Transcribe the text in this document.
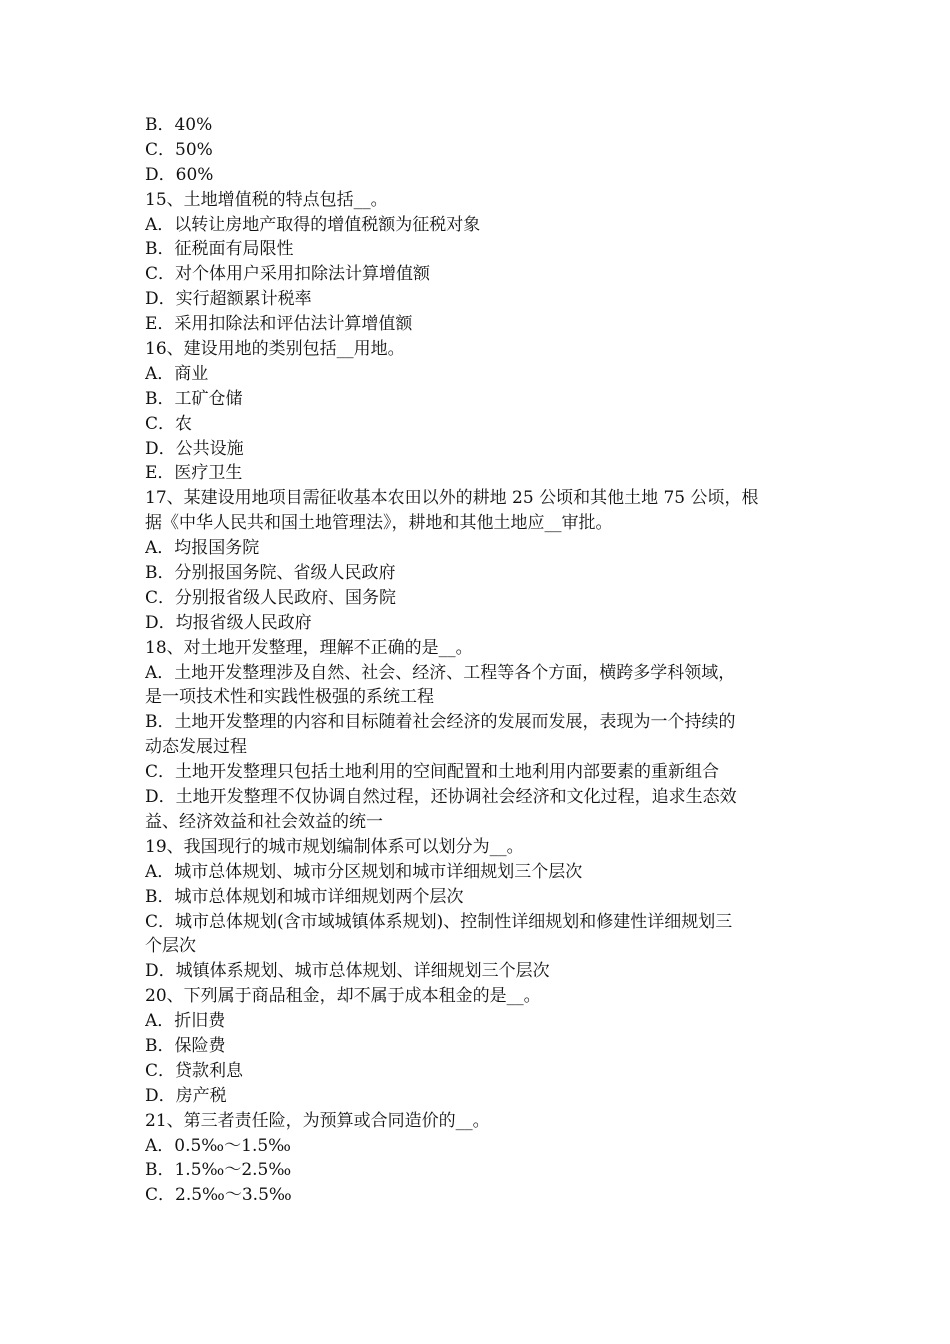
B．40%
C．50%
D．60%
15、土地增值税的特点包括__。
A．以转让房地产取得的增值税额为征税对象
B．征税面有局限性
C．对个体用户采用扣除法计算增值额
D．实行超额累计税率
E．采用扣除法和评估法计算增值额
16、建设用地的类别包括__用地。
A．商业
B．工矿仓储
C．农
D．公共设施
E．医疗卫生
17、某建设用地项目需征收基本农田以外的耕地 25 公顷和其他土地 75 公顷，根
据《中华人民共和国土地管理法》，耕地和其他土地应__审批。
A．均报国务院
B．分别报国务院、省级人民政府
C．分别报省级人民政府、国务院
D．均报省级人民政府
18、对土地开发整理，理解不正确的是__。
A．土地开发整理涉及自然、社会、经济、工程等各个方面，横跨多学科领域，
是一项技术性和实践性极强的系统工程
B．土地开发整理的内容和目标随着社会经济的发展而发展，表现为一个持续的
动态发展过程
C．土地开发整理只包括土地利用的空间配置和土地利用内部要素的重新组合
D．土地开发整理不仅协调自然过程，还协调社会经济和文化过程，追求生态效
益、经济效益和社会效益的统一
19、我国现行的城市规划编制体系可以划分为__。
A．城市总体规划、城市分区规划和城市详细规划三个层次
B．城市总体规划和城市详细规划两个层次
C．城市总体规划(含市域城镇体系规划)、控制性详细规划和修建性详细规划三
个层次
D．城镇体系规划、城市总体规划、详细规划三个层次
20、下列属于商品租金，却不属于成本租金的是__。
A．折旧费
B．保险费
C．贷款利息
D．房产税
21、第三者责任险，为预算或合同造价的__。
A．0.5‰～1.5‰
B．1.5‰～2.5‰
C．2.5‰～3.5‰
